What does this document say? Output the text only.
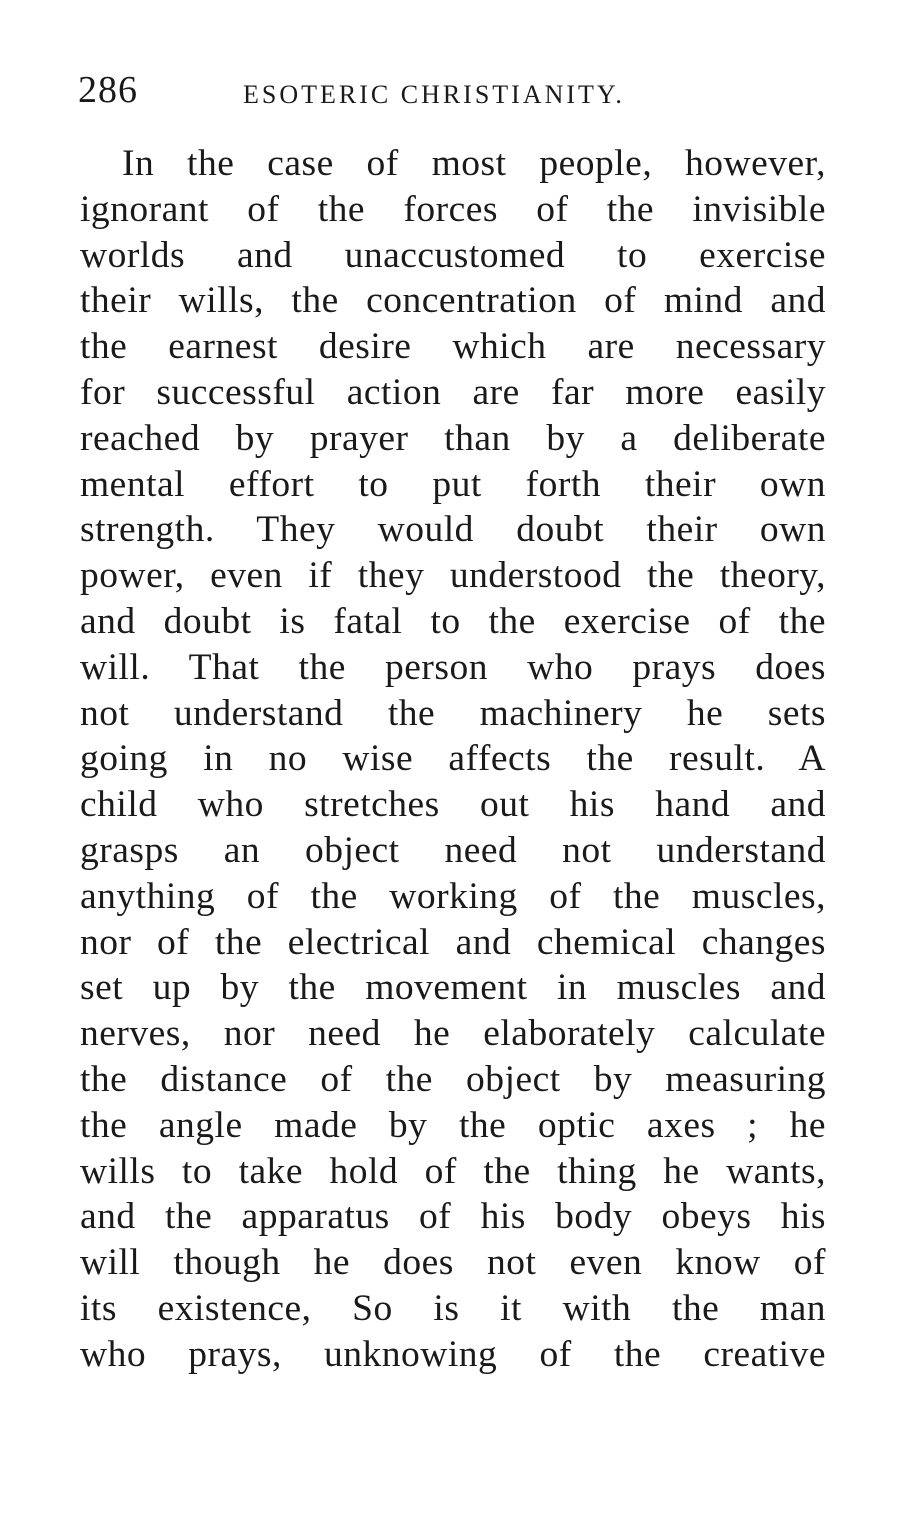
286	ESOTERIC CHRISTIANITY.
In the case of most people, however,
ignorant of the forces of the invisible
worlds and unaccustomed to exercise
their wills, the concentration of mind and
the earnest desire which are necessary
for successful action are far more easily
reached by prayer than by a deliberate
mental effort to put forth their own
strength. They would doubt their own
power, even if they understood the theory,
and doubt is fatal to the exercise of the
will. That the person who prays does
not understand the machinery he sets
going in no wise affects the result. A
child who stretches out his hand and
grasps an object need not understand
anything of the working of the muscles,
nor of the electrical and chemical changes
set up by the movement in muscles and
nerves, nor need he elaborately calculate
the distance of the object by measuring
the angle made by the optic axes ; he
wills to take hold of the thing he wants,
and the apparatus of his body obeys his
will though he does not even know of
its existence, So is it with the man
who prays, unknowing of the creative
